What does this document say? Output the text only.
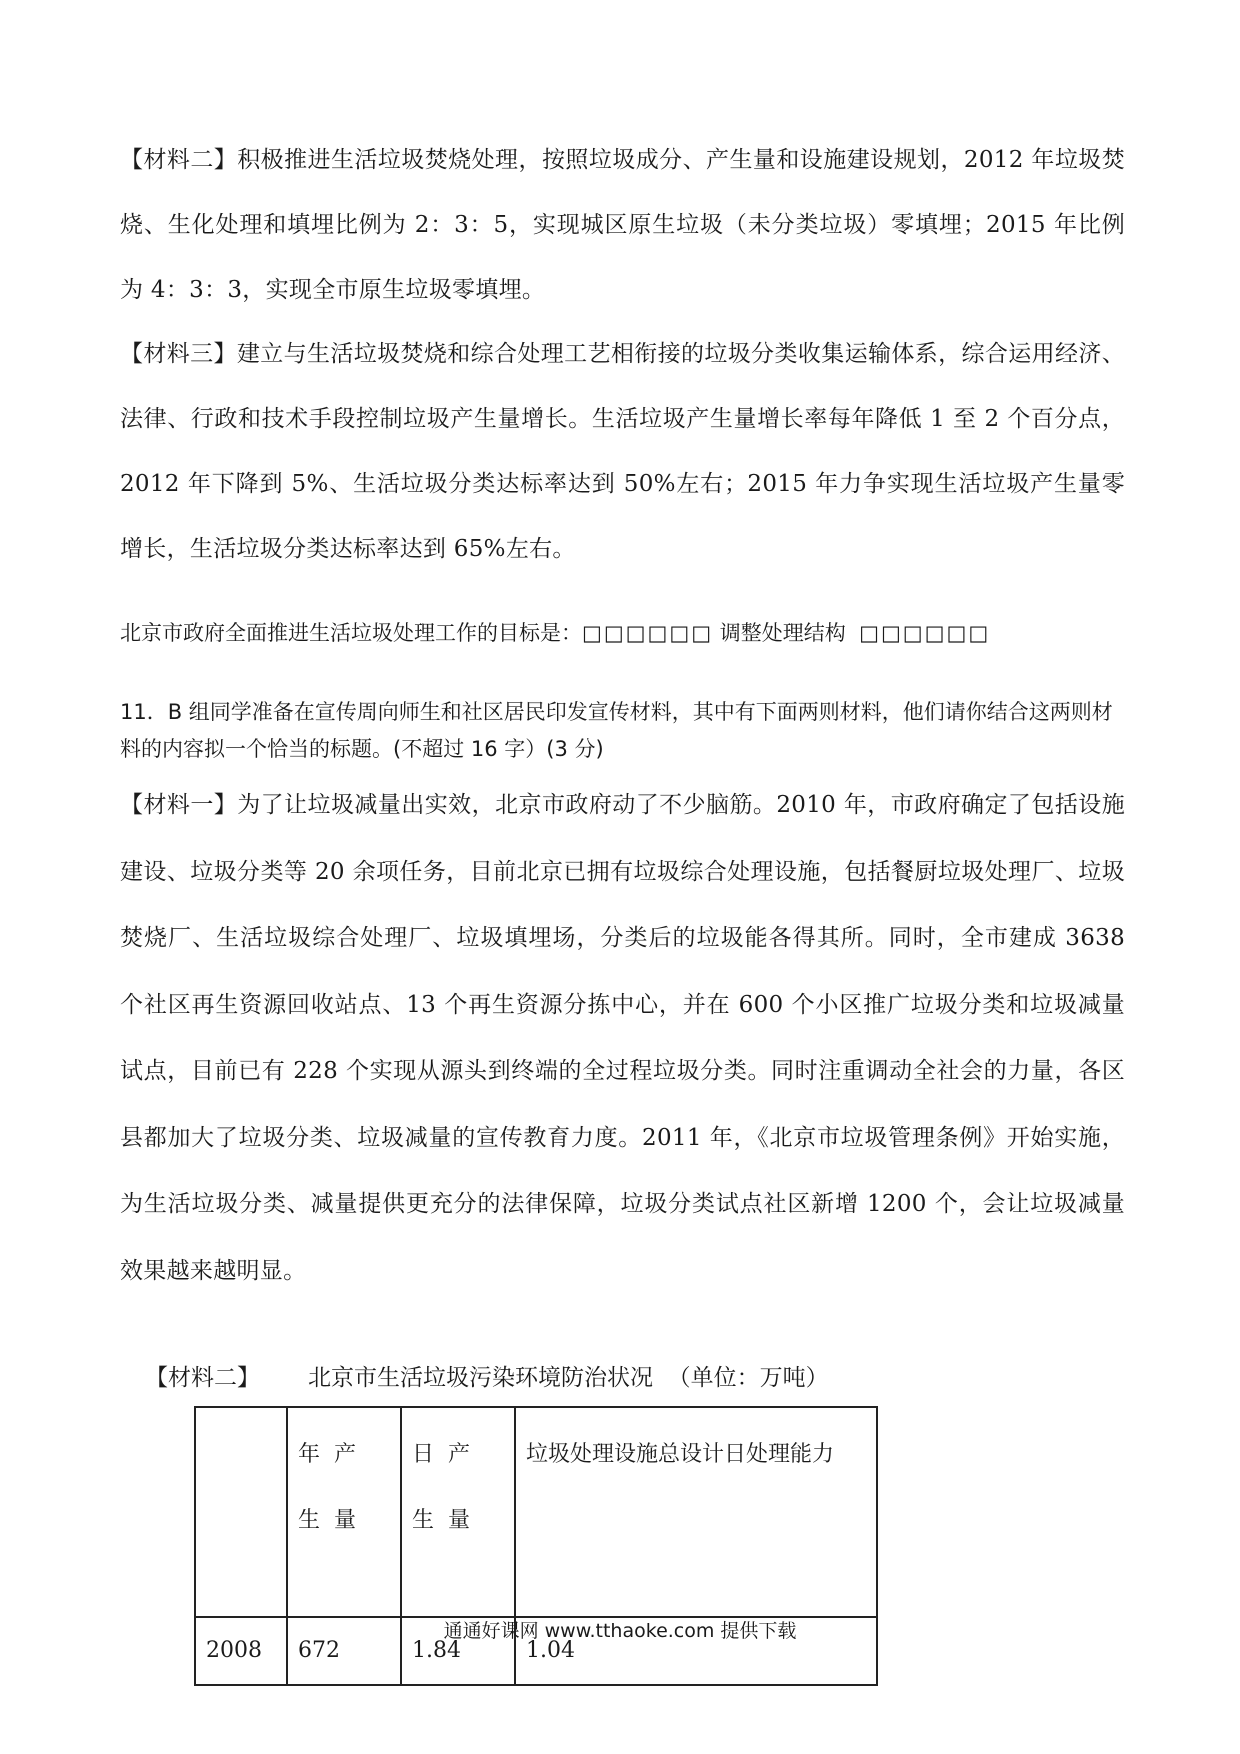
【材料二】积极推进生活垃圾焚烧处理，按照垃圾成分、产生量和设施建设规划，2012 年垃圾焚烧、生化处理和填埋比例为 2：3：5，实现城区原生垃圾（未分类垃圾）零填埋；2015 年比例为 4：3：3，实现全市原生垃圾零填埋。

【材料三】建立与生活垃圾焚烧和综合处理工艺相衔接的垃圾分类收集运输体系，综合运用经济、法律、行政和技术手段控制垃圾产生量增长。生活垃圾产生量增长率每年降低 1 至 2 个百分点，2012 年下降到 5%、生活垃圾分类达标率达到 50%左右；2015 年力争实现生活垃圾产生量零增长，生活垃圾分类达标率达到 65%左右。

北京市政府全面推进生活垃圾处理工作的目标是：□□□□□□ 调整处理结构 □□□□□□

11．B 组同学准备在宣传周向师生和社区居民印发宣传材料，其中有下面两则材料，他们请你结合这两则材料的内容拟一个恰当的标题。(不超过 16 字）(3 分)

【材料一】为了让垃圾减量出实效，北京市政府动了不少脑筋。2010 年，市政府确定了包括设施建设、垃圾分类等 20 余项任务，目前北京已拥有垃圾综合处理设施，包括餐厨垃圾处理厂、垃圾焚烧厂、生活垃圾综合处理厂、垃圾填埋场，分类后的垃圾能各得其所。同时，全市建成 3638 个社区再生资源回收站点、13 个再生资源分拣中心，并在 600 个小区推广垃圾分类和垃圾减量试点，目前已有 228 个实现从源头到终端的全过程垃圾分类。同时注重调动全社会的力量，各区县都加大了垃圾分类、垃圾减量的宣传教育力度。2011 年，《北京市垃圾管理条例》开始实施，为生活垃圾分类、减量提供更充分的法律保障，垃圾分类试点社区新增 1200 个，会让垃圾减量效果越来越明显。

【材料二】 北京市生活垃圾污染环境防治状况 （单位：万吨）
	年产生量	日产生量	垃圾处理设施总设计日处理能力
2008	672	1.84	1.04
通通好课网 www.tthaoke.com 提供下载
